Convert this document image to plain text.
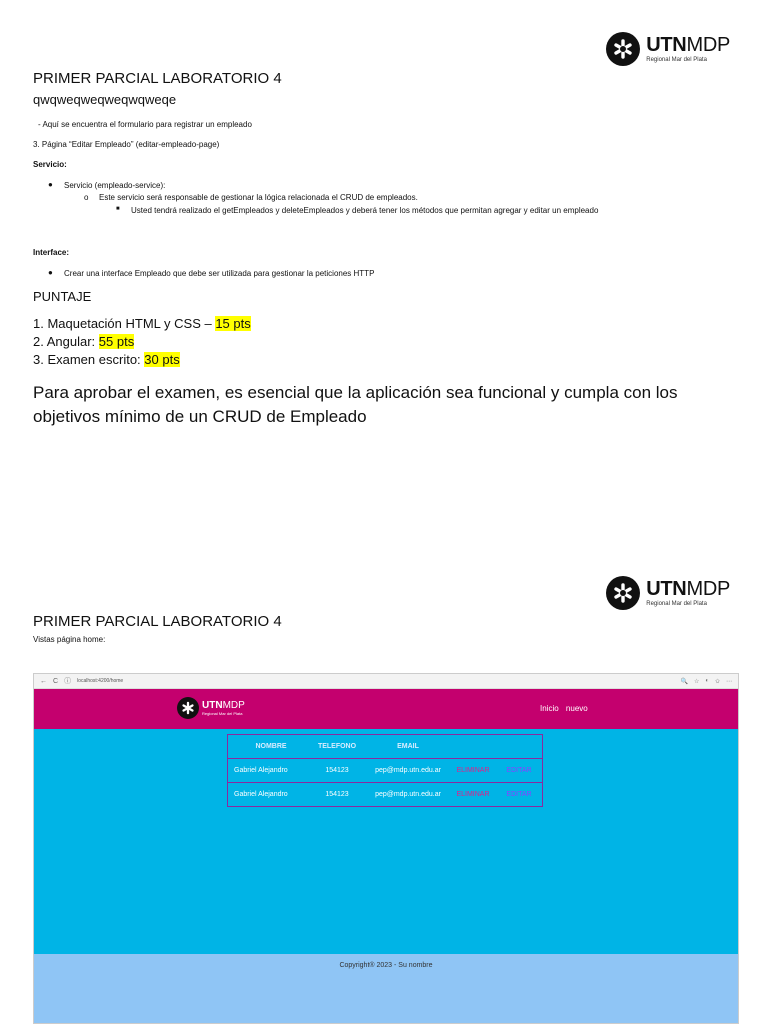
UTNMDP
Regional Mar del Plata
PRIMER PARCIAL LABORATORIO 4
qwqweqweqweqwqweqe
- Aquí se encuentra el formulario para registrar un empleado
3. Página “Editar Empleado” (editar-empleado-page)
Servicio:
● Servicio (empleado-service):
o Este servicio será responsable de gestionar la lógica relacionada el CRUD de empleados.
■ Usted tendrá realizado el getEmpleados y deleteEmpleados y deberá tener los métodos que permitan agregar y editar un empleado
Interface:
● Crear una interface Empleado que debe ser utilizada para gestionar la peticiones HTTP
PUNTAJE
1. Maquetación HTML y CSS – 15 pts
2. Angular: 55 pts
3. Examen escrito: 30 pts
Para aprobar el examen, es esencial que la aplicación sea funcional y cumpla con los objetivos mínimo de un CRUD de Empleado
UTNMDP
Regional Mar del Plata
PRIMER PARCIAL LABORATORIO 4
Vistas página home:
← C ⓘ localhost:4200/home	🔍 ☆ ◐ ✩ ⋯
UTNMDP
Regional Mar del Plata
Inicio nuevo
NOMBRE	TELEFONO	EMAIL
Gabriel Alejandro	154123	pep@mdp.utn.edu.ar	ELIMINAR	EDITAR
Gabriel Alejandro	154123	pep@mdp.utn.edu.ar	ELIMINAR	EDITAR
Copyright® 2023 - Su nombre
